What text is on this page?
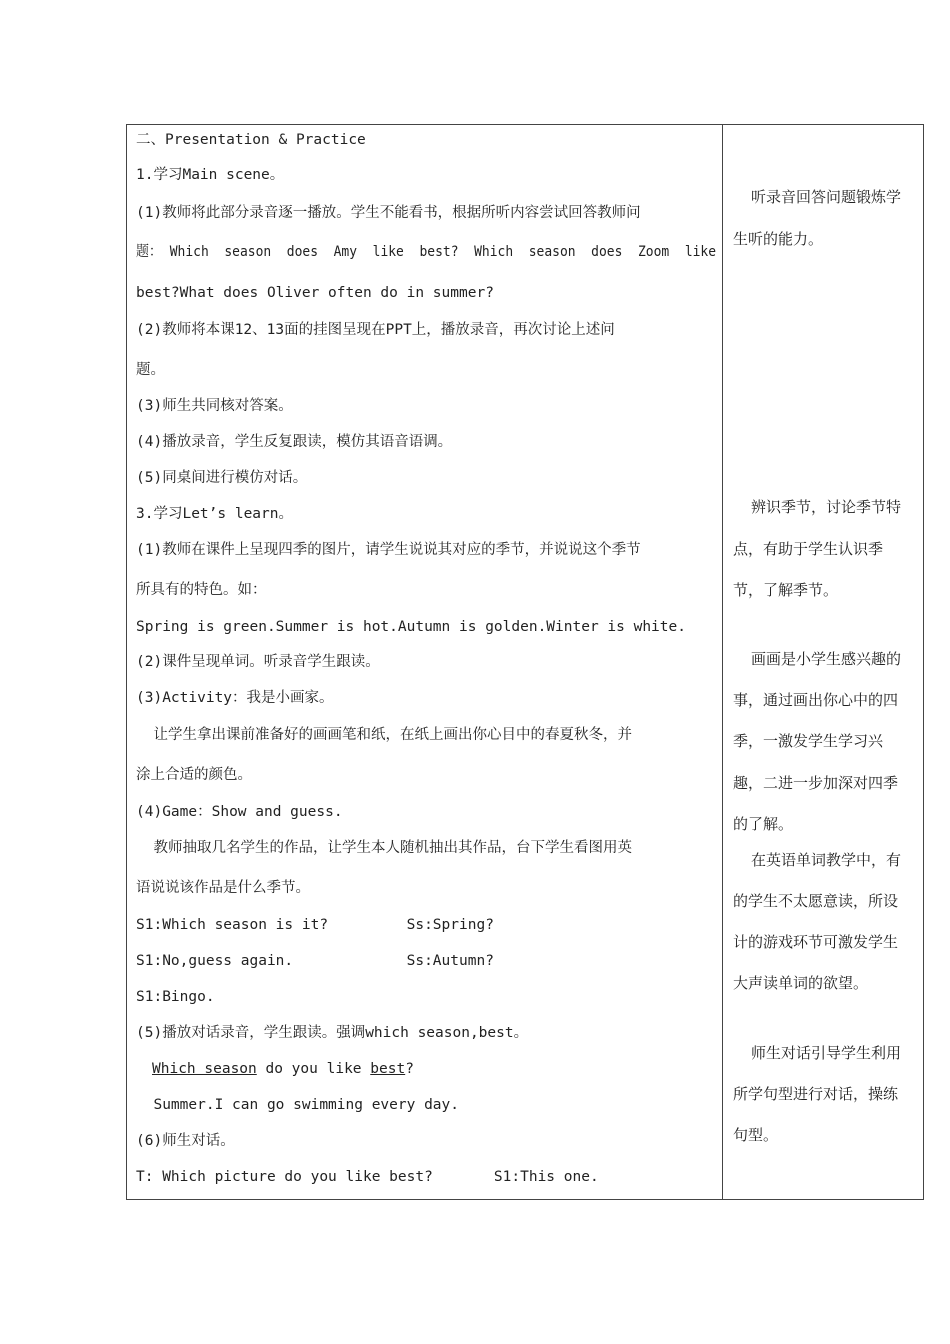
二、Presentation & Practice
1.学习Main scene。
(1)教师将此部分录音逐一播放。学生不能看书，根据所听内容尝试回答教师问
题： Which  season  does  Amy  like  best?  Which  season  does  Zoom  like
best?What does Oliver often do in summer?
(2)教师将本课12、13面的挂图呈现在PPT上，播放录音，再次讨论上述问
题。
(3)师生共同核对答案。
(4)播放录音，学生反复跟读，模仿其语音语调。
(5)同桌间进行模仿对话。
3.学习Let’s learn。
(1)教师在课件上呈现四季的图片，请学生说说其对应的季节，并说说这个季节
所具有的特色。如：
Spring is green.Summer is hot.Autumn is golden.Winter is white.
(2)课件呈现单词。听录音学生跟读。
(3)Activity：我是小画家。
让学生拿出课前准备好的画画笔和纸，在纸上画出你心目中的春夏秋冬，并
涂上合适的颜色。
(4)Game：Show and guess.
教师抽取几名学生的作品，让学生本人随机抽出其作品，台下学生看图用英
语说说该作品是什么季节。
S1:Which season is it?         Ss:Spring?
S1:No,guess again.             Ss:Autumn?
S1:Bingo.
(5)播放对话录音，学生跟读。强调which season,best。
Which season do you like best?
Summer.I can go swimming every day.
(6)师生对话。
T: Which picture do you like best?       S1:This one.
听录音回答问题锻炼学
生听的能力。
辨识季节，讨论季节特
点，有助于学生认识季
节，了解季节。
画画是小学生感兴趣的
事，通过画出你心中的四
季，一激发学生学习兴
趣，二进一步加深对四季
的了解。
在英语单词教学中，有
的学生不太愿意读，所设
计的游戏环节可激发学生
大声读单词的欲望。
师生对话引导学生利用
所学句型进行对话，操练
句型。
